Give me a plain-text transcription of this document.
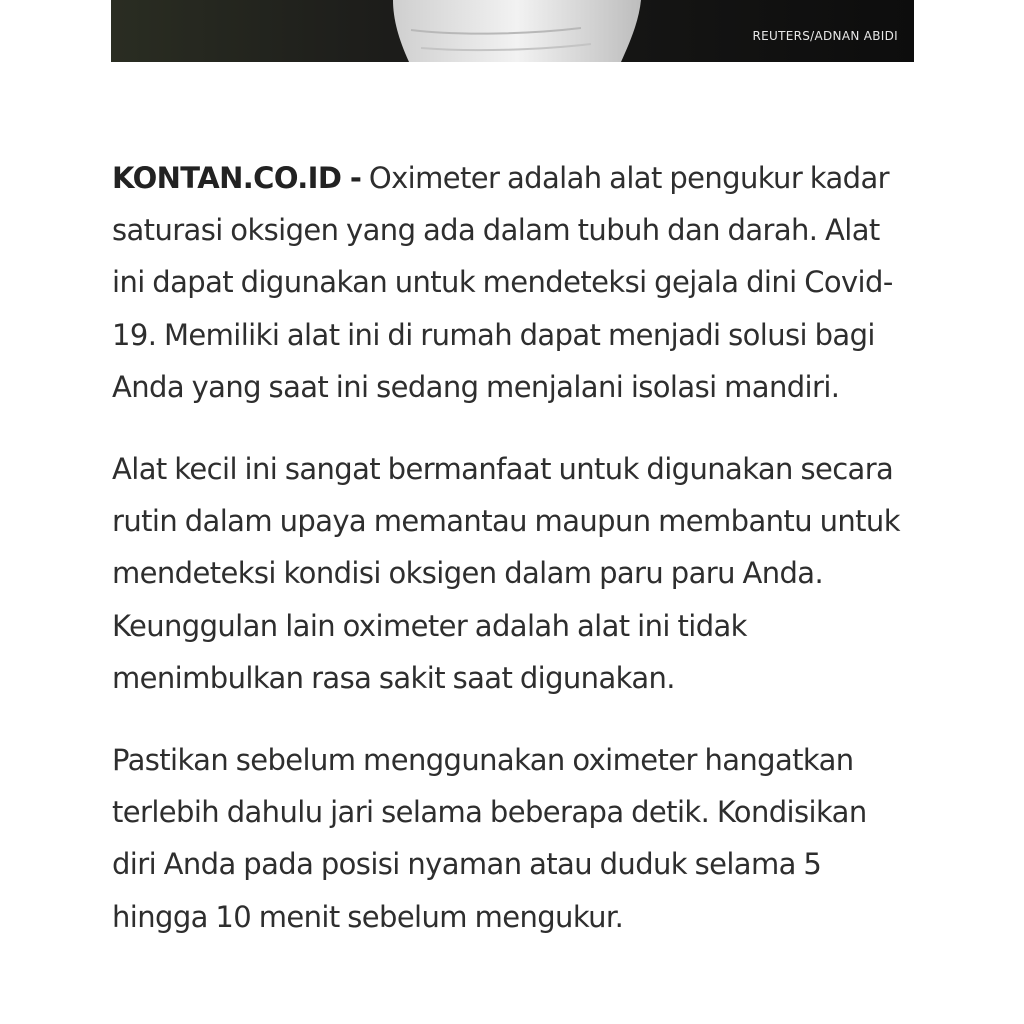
REUTERS/ADNAN ABIDI

KONTAN.CO.ID - Oximeter adalah alat pengukur kadar saturasi oksigen yang ada dalam tubuh dan darah. Alat ini dapat digunakan untuk mendeteksi gejala dini Covid-19. Memiliki alat ini di rumah dapat menjadi solusi bagi Anda yang saat ini sedang menjalani isolasi mandiri.

Alat kecil ini sangat bermanfaat untuk digunakan secara rutin dalam upaya memantau maupun membantu untuk mendeteksi kondisi oksigen dalam paru paru Anda. Keunggulan lain oximeter adalah alat ini tidak menimbulkan rasa sakit saat digunakan.

Pastikan sebelum menggunakan oximeter hangatkan terlebih dahulu jari selama beberapa detik. Kondisikan diri Anda pada posisi nyaman atau duduk selama 5 hingga 10 menit sebelum mengukur.
